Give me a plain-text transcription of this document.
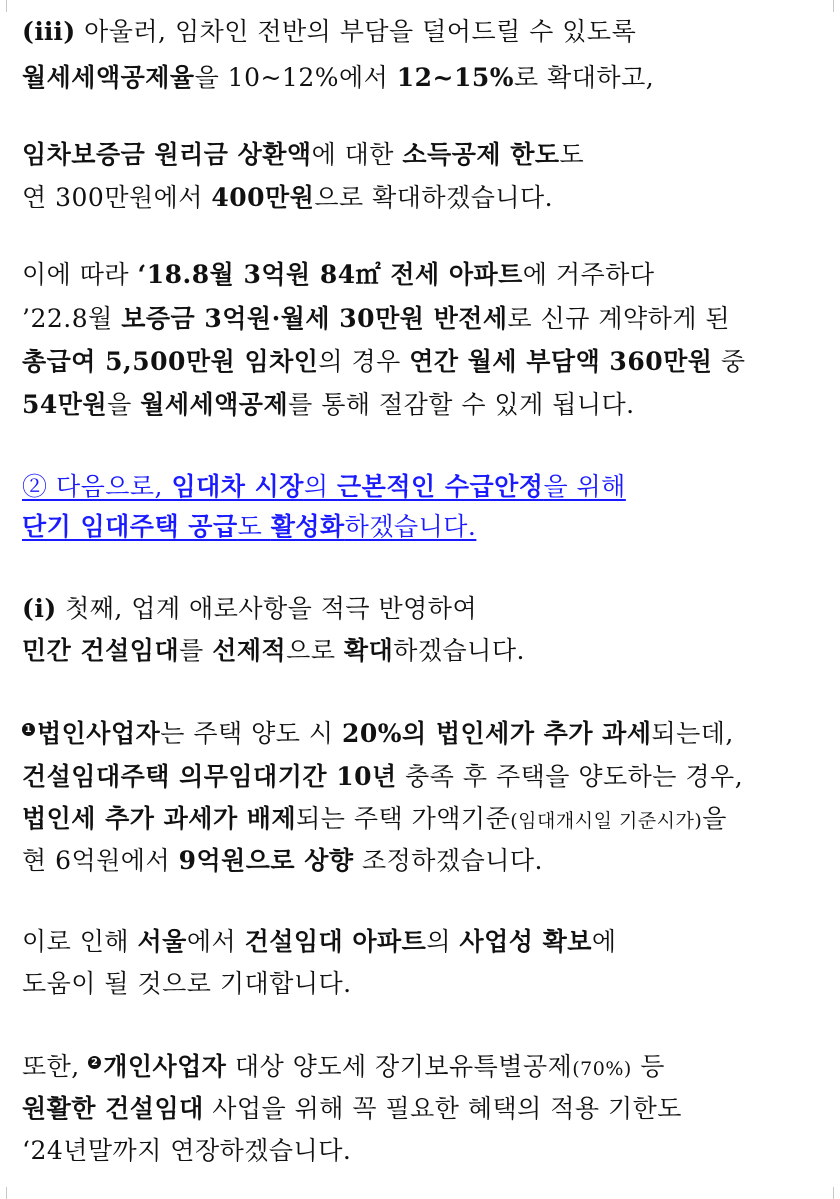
(ⅲ) 아울러, 임차인 전반의 부담을 덜어드릴 수 있도록
월세세액공제율을 10~12%에서 12~15%로 확대하고,
임차보증금 원리금 상환액에 대한 소득공제 한도도
연 300만원에서 400만원으로 확대하겠습니다.
이에 따라 ‘18.8월 3억원 84㎡ 전세 아파트에 거주하다
’22.8월 보증금 3억원·월세 30만원 반전세로 신규 계약하게 된
총급여 5,500만원 임차인의 경우 연간 월세 부담액 360만원 중
54만원을 월세세액공제를 통해 절감할 수 있게 됩니다.
② 다음으로, 임대차 시장의 근본적인 수급안정을 위해
단기 임대주택 공급도 활성화하겠습니다.
(ⅰ) 첫째, 업계 애로사항을 적극 반영하여
민간 건설임대를 선제적으로 확대하겠습니다.
1 법인사업자는 주택 양도 시 20%의 법인세가 추가 과세되는데,
건설임대주택 의무임대기간 10년 충족 후 주택을 양도하는 경우,
법인세 추가 과세가 배제되는 주택 가액기준(임대개시일 기준시가)을
현 6억원에서 9억원으로 상향 조정하겠습니다.
이로 인해 서울에서 건설임대 아파트의 사업성 확보에
도움이 될 것으로 기대합니다.
또한, 2 개인사업자 대상 양도세 장기보유특별공제(70%) 등
원활한 건설임대 사업을 위해 꼭 필요한 혜택의 적용 기한도
‘24년말까지 연장하겠습니다.
